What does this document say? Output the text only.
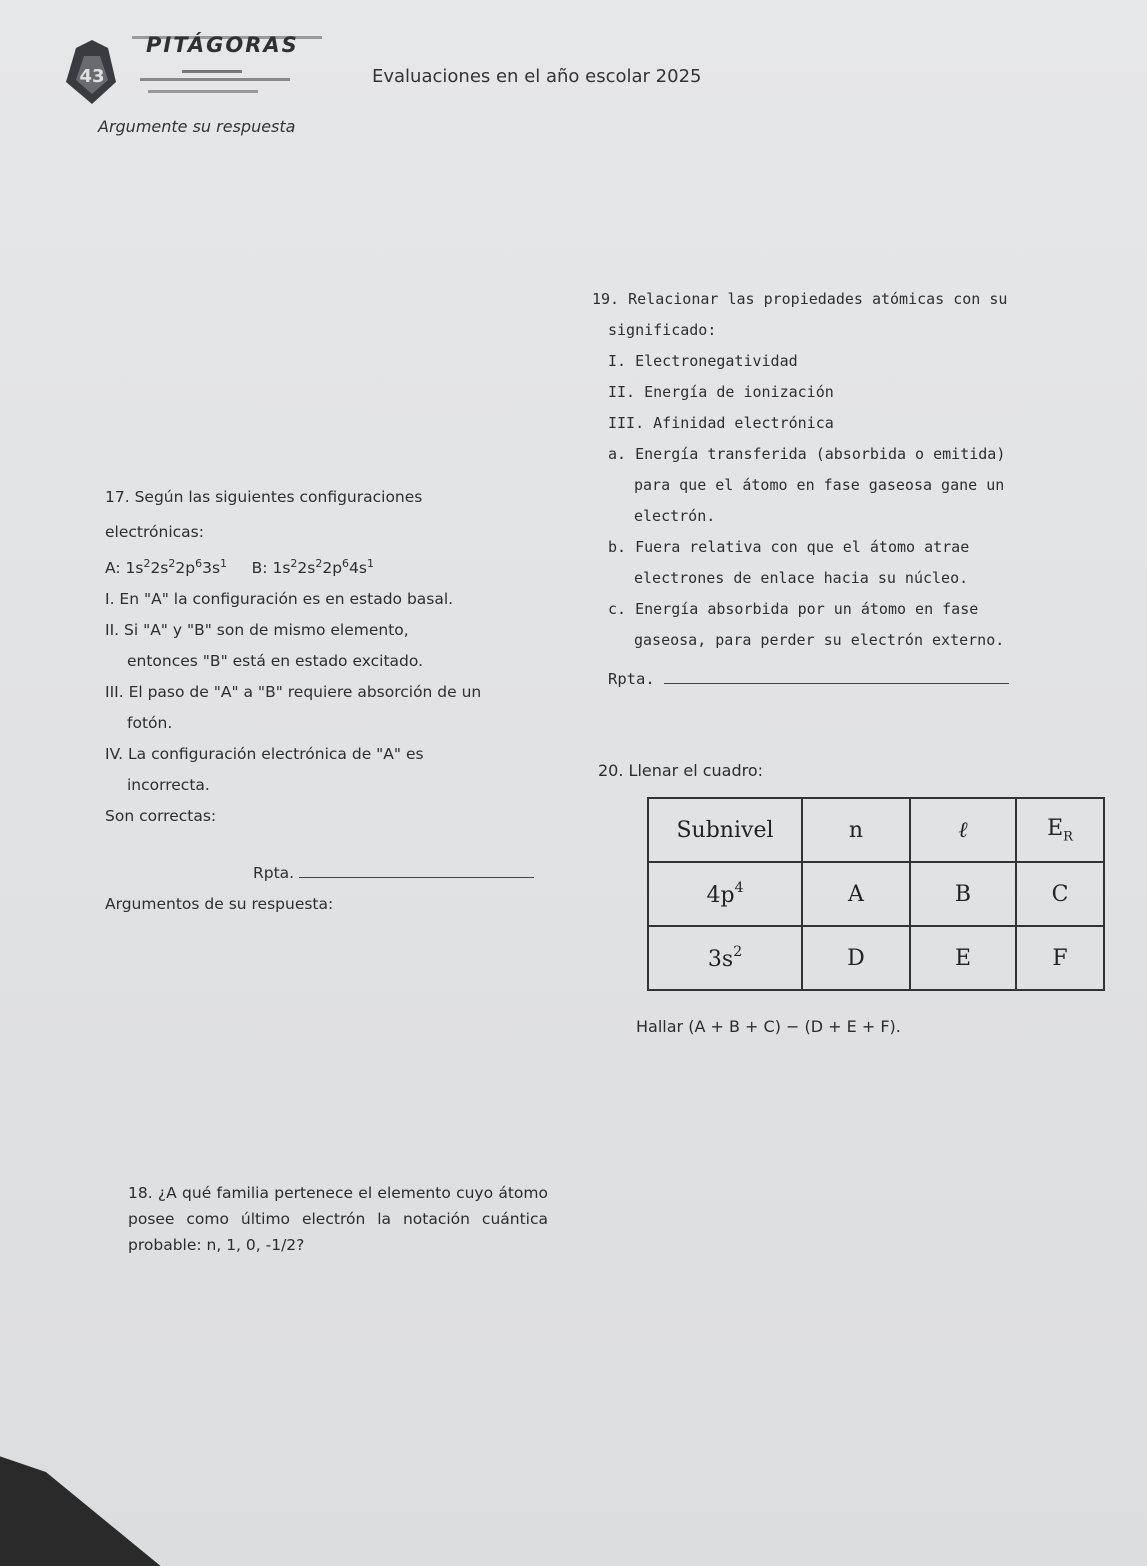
43
PITÁGORAS
Evaluaciones en el año escolar 2025
Argumente su respuesta
19. Relacionar las propiedades atómicas con su
significado:
I. Electronegatividad
II. Energía de ionización
III. Afinidad electrónica
a. Energía transferida (absorbida o emitida)
para que el átomo en fase gaseosa gane un
electrón.
b. Fuera relativa con que el átomo atrae
electrones de enlace hacia su núcleo.
c. Energía absorbida por un átomo en fase
gaseosa, para perder su electrón externo.
Rpta.
17. Según las siguientes configuraciones
electrónicas:
A: $1s^22s^22p^63s^1$ B: $1s^22s^22p^64s^1$
I. En "A" la configuración es en estado basal.
II. Si "A" y "B" son de mismo elemento,
entonces "B" está en estado excitado.
III. El paso de "A" a "B" requiere absorción de un
fotón.
IV. La configuración electrónica de "A" es
incorrecta.
Son correctas:
Rpta.
Argumentos de su respuesta:
20. Llenar el cuadro:
Subnivel	n	ℓ	$E_R$
$4p^4$	A	B	C
$3s^2$	D	E	F
Hallar (A + B + C) − (D + E + F).
18. ¿A qué familia pertenece el elemento cuyo átomo posee como último electrón la notación cuántica probable: n, 1, 0, -1/2?
